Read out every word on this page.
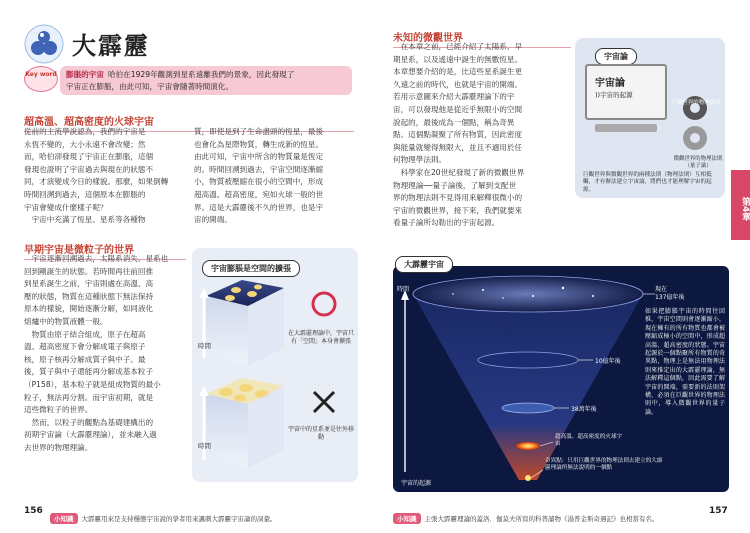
大霹靂
Key word 膨脹的宇宙 哈伯在1929年觀測到星系遠離我們的景象，因此發現了
宇宙正在膨脹，由此可知，宇宙會隨著時間演化。
超高溫、超高密度的火球宇宙
從前的主流學說認為，我們的宇宙是
永恆不變的，大小永遠不會改變；然
而，哈伯卻發現了宇宙正在膨脹，這個
發現也證明了宇宙過去與現在的狀態不
同，才演變成今日的樣貌。那麼，如果倒轉
時間回溯到過去，這個原本在膨脹的
宇宙會變成什麼樣子呢？
　宇宙中充滿了恆星、星系等各種物
質，即使是到了生命盡頭的恆星，最後
也會化為星際物質，轉生成新的恆星。
由此可知，宇宙中所含的物質量是恆定
的。時間回溯到過去，宇宙空間逐漸縮
小，物質被壓縮在很小的空間中，形成
超高溫、超高密度，宛如火球一般的世
界。這是大霹靂後不久的世界，也是宇
宙的開端。
早期宇宙是微粒子的世界
　宇宙逐漸回溯過去，太陽系消失、星系也
回到剛誕生的狀態。若時間再往前回推
到星系誕生之前，宇宙則處在高溫、高
壓的狀態，物質在這種狀態下無法保持
原本的樣貌，開始逐漸分解，如同液化
熔爐中的物質液體一般。
　物質由原子結合組成，原子在超高
溫、超高密度下會分解成電子與原子
核，原子核再分解成質子與中子。最
後，質子與中子還能再分解成基本粒子
（P158），基本粒子就是組成物質的最小
粒子，無法再分割。而宇宙初期，就是
這些微粒子的世界。
　然而，以粒子的觀點為基礎建構出的
初期宇宙論（大霹靂理論），並未融入過
去世界的物理理論。
宇宙膨脹是空間的擴張
時間
在大霹靂理論中，宇宙只有「空間」本身會擴張
時間
宇宙中的星系並是往外移動
156
小知識 大霹靂用來是支持穩態宇宙說的學者用來諷刺大霹靂宇宙論的詞彙。
未知的微觀世界
　在本章之前，已經介紹了太陽系、早
期星系，以及遙遠中誕生的無數恆星。
本章想要介紹的是，比這些星系誕生更
久遠之前的時代，也就是宇宙的開端。
若用示意圖來介紹大霹靂理論下的宇
宙，可以發現他是從近乎無限小的空間
說起的，最後成為一個點，稱為奇異
點。這個點凝聚了所有物質，因此密度
與能量就變得無限大，並且不適用於任
何物理學法則。
　科學家在20世紀發現了新的微觀世界
物理理論──量子論後，了解到支配世
界的物理法則不見得用來解釋很微小的
宇宙的微觀世界，接下來，我們就要來
看量子論所勾勒出的宇宙起源。
宇宙論
宇宙論
))宇宙的起源
巨觀世界的物理法則
微觀世界的物理法則（量子論）
巨觀世界與微觀世界的兩種法則（物理法則）互相抵觸，才有辦法建立宇宙論，將們也才能理解宇宙的起源。
大霹靂宇宙
時間	現在
137億年後
10億年後
38萬年後
超高溫、超高密度的火球宇宙
奇異點：只用巨觀世界的物理法則去建立的大霹靂理論所無法說明的一個點
宇宙的起源
如果把膨脹宇宙的時間往回推，宇宙空間則會逐漸縮小，現在擁有的所有物質也都會被壓縮成極小的空間中，形成超高溫、超高密度的狀態。宇宙起源於一個點聚所有物質的奇異點，物理上是無法用物理法則來推定出的大霹靂理論，無法解釋這個點，因此需要了解宇宙的開端，需要新的法則架構，必須在巨觀世界的物理法則中，導入微觀世界的量子論。
小知識 主張大霹靂理論的蓋洛．伽莫夫所寫的科普讀物《湯普金斯奇遇記》也相當有名。
157
第4章
